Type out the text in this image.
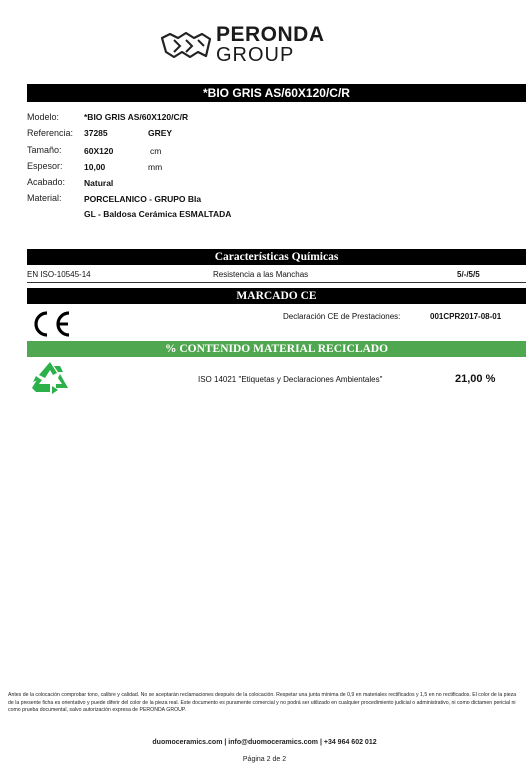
PERONDA
GROUP
*BIO GRIS AS/60X120/C/R
Modelo:	*BIO GRIS AS/60X120/C/R
Referencia: 37285	GREY
Tamaño:	60X120	cm
Espesor:	10,00	mm
Acabado: Natural
Material:	PORCELANICO - GRUPO BIa
GL - Baldosa Cerámica ESMALTADA
Características Químicas
EN ISO-10545-14	Resistencia a las Manchas	5/-/5/5
MARCADO CE
Declaración CE de Prestaciones:	001CPR2017-08-01
% CONTENIDO MATERIAL RECICLADO
ISO 14021 "Etiquetas y Declaraciones Ambientales"	21,00 %
Antes de la colocación comprobar tono, calibre y calidad. No se aceptarán reclamaciones después de la colocación. Respetar una junta mínima de 0,9 en materiales rectificados y 1,5 en no rectificados. El color de la pieza de la presente ficha es orientativo y puede diferir del color de la pieza real. Este documento es puramente comercial y no podrá ser utilizado en cualquier procedimiento judicial o administrativo, ni como dictamen pericial ni como prueba documental, salvo autorización expresa de PERONDA GROUP.
duomoceramics.com | info@duomoceramics.com | +34 964 602 012
Página 2 de 2
